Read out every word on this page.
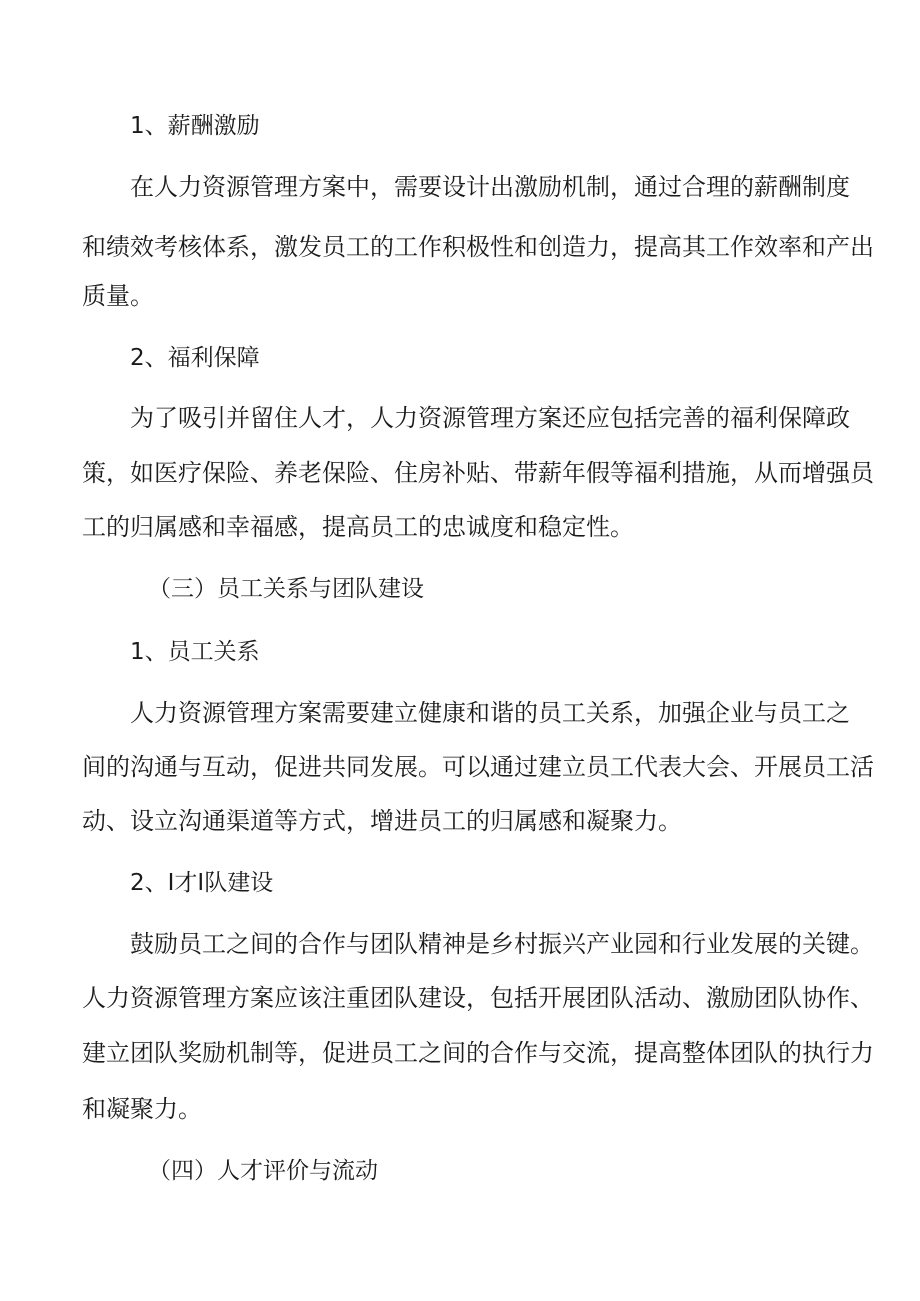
1、薪酬激励
在人力资源管理方案中，需要设计出激励机制，通过合理的薪酬制度
和绩效考核体系，激发员工的工作积极性和创造力，提高其工作效率和产出
质量。
2、福利保障
为了吸引并留住人才，人力资源管理方案还应包括完善的福利保障政
策，如医疗保险、养老保险、住房补贴、带薪年假等福利措施，从而增强员
工的归属感和幸福感，提高员工的忠诚度和稳定性。
（三）员工关系与团队建设
1、员工关系
人力资源管理方案需要建立健康和谐的员工关系，加强企业与员工之
间的沟通与互动，促进共同发展。可以通过建立员工代表大会、开展员工活
动、设立沟通渠道等方式，增进员工的归属感和凝聚力。
2、I才I队建设
鼓励员工之间的合作与团队精神是乡村振兴产业园和行业发展的关键。
人力资源管理方案应该注重团队建设，包括开展团队活动、激励团队协作、
建立团队奖励机制等，促进员工之间的合作与交流，提高整体团队的执行力
和凝聚力。
（四）人才评价与流动
